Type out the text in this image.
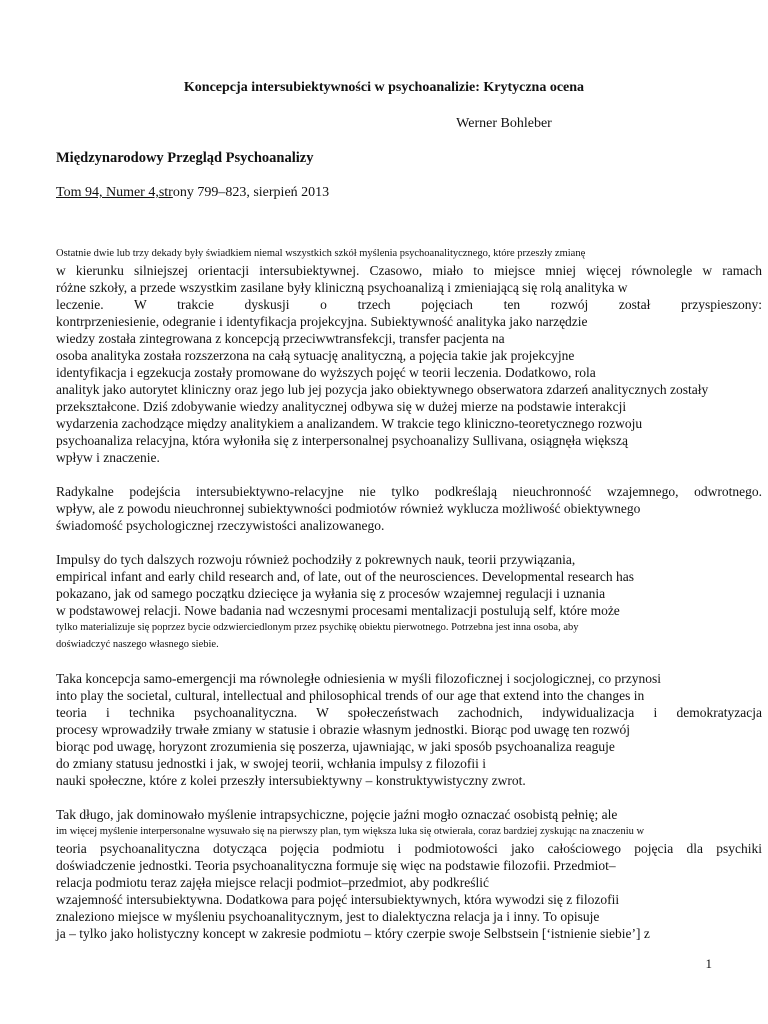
Koncepcja intersubiektywności w psychoanalizie: Krytyczna ocena
Werner Bohleber
Międzynarodowy Przegląd Psychoanalizy
Tom 94, Numer 4,strony 799–823, sierpień 2013
Ostatnie dwie lub trzy dekady były świadkiem niemal wszystkich szkół myślenia psychoanalitycznego, które przeszły zmianę
w kierunku silniejszej orientacji intersubiektywnej. Czasowo, miało to miejsce mniej więcej równolegle w ramach
różne szkoły, a przede wszystkim zasilane były kliniczną psychoanalizą i zmieniającą się rolą analityka w
leczenie. W trakcie dyskusji o trzech pojęciach ten rozwój został przyspieszony:
kontrprzeniesienie, odegranie i identyfikacja projekcyjna. Subiektywność analityka jako narzędzie
wiedzy została zintegrowana z koncepcją przeciwwtransfekcji, transfer pacjenta na
osoba analityka została rozszerzona na całą sytuację analityczną, a pojęcia takie jak projekcyjne
identyfikacja i egzekucja zostały promowane do wyższych pojęć w teorii leczenia. Dodatkowo, rola
analityk jako autorytet kliniczny oraz jego lub jej pozycja jako obiektywnego obserwatora zdarzeń analitycznych zostały
przekształcone. Dziś zdobywanie wiedzy analitycznej odbywa się w dużej mierze na podstawie interakcji
wydarzenia zachodzące między analitykiem a analizandem. W trakcie tego kliniczno-teoretycznego rozwoju
psychoanaliza relacyjna, która wyłoniła się z interpersonalnej psychoanalizy Sullivana, osiągnęła większą
wpływ i znaczenie.
Radykalne podejścia intersubiektywno-relacyjne nie tylko podkreślają nieuchronność wzajemnego, odwrotnego.
wpływ, ale z powodu nieuchronnej subiektywności podmiotów również wyklucza możliwość obiektywnego
świadomość psychologicznej rzeczywistości analizowanego.
Impulsy do tych dalszych rozwoju również pochodziły z pokrewnych nauk, teorii przywiązania,
empirical infant and early child research and, of late, out of the neurosciences. Developmental research has
pokazano, jak od samego początku dziecięce ja wyłania się z procesów wzajemnej regulacji i uznania
w podstawowej relacji. Nowe badania nad wczesnymi procesami mentalizacji postulują self, które może
tylko materializuje się poprzez bycie odzwierciedlonym przez psychikę obiektu pierwotnego. Potrzebna jest inna osoba, aby
doświadczyć naszego własnego siebie.
Taka koncepcja samo-emergencji ma równoległe odniesienia w myśli filozoficznej i socjologicznej, co przynosi
into play the societal, cultural, intellectual and philosophical trends of our age that extend into the changes in
teoria i technika psychoanalityczna. W społeczeństwach zachodnich, indywidualizacja i demokratyzacja
procesy wprowadziły trwałe zmiany w statusie i obrazie własnym jednostki. Biorąc pod uwagę ten rozwój
biorąc pod uwagę, horyzont zrozumienia się poszerza, ujawniając, w jaki sposób psychoanaliza reaguje
do zmiany statusu jednostki i jak, w swojej teorii, wchłania impulsy z filozofii i
nauki społeczne, które z kolei przeszły intersubiektywny – konstruktywistyczny zwrot.
Tak długo, jak dominowało myślenie intrapsychiczne, pojęcie jaźni mogło oznaczać osobistą pełnię; ale
im więcej myślenie interpersonalne wysuwało się na pierwszy plan, tym większa luka się otwierała, coraz bardziej zyskując na znaczeniu w
teoria psychoanalityczna dotycząca pojęcia podmiotu i podmiotowości jako całościowego pojęcia dla psychiki
doświadczenie jednostki. Teoria psychoanalityczna formuje się więc na podstawie filozofii. Przedmiot–
relacja podmiotu teraz zajęła miejsce relacji podmiot–przedmiot, aby podkreślić
wzajemność intersubiektywna. Dodatkowa para pojęć intersubiektywnych, która wywodzi się z filozofii
znaleziono miejsce w myśleniu psychoanalitycznym, jest to dialektyczna relacja ja i inny. To opisuje
ja – tylko jako holistyczny koncept w zakresie podmiotu – który czerpie swoje Selbstsein [‘istnienie siebie’] z
1
